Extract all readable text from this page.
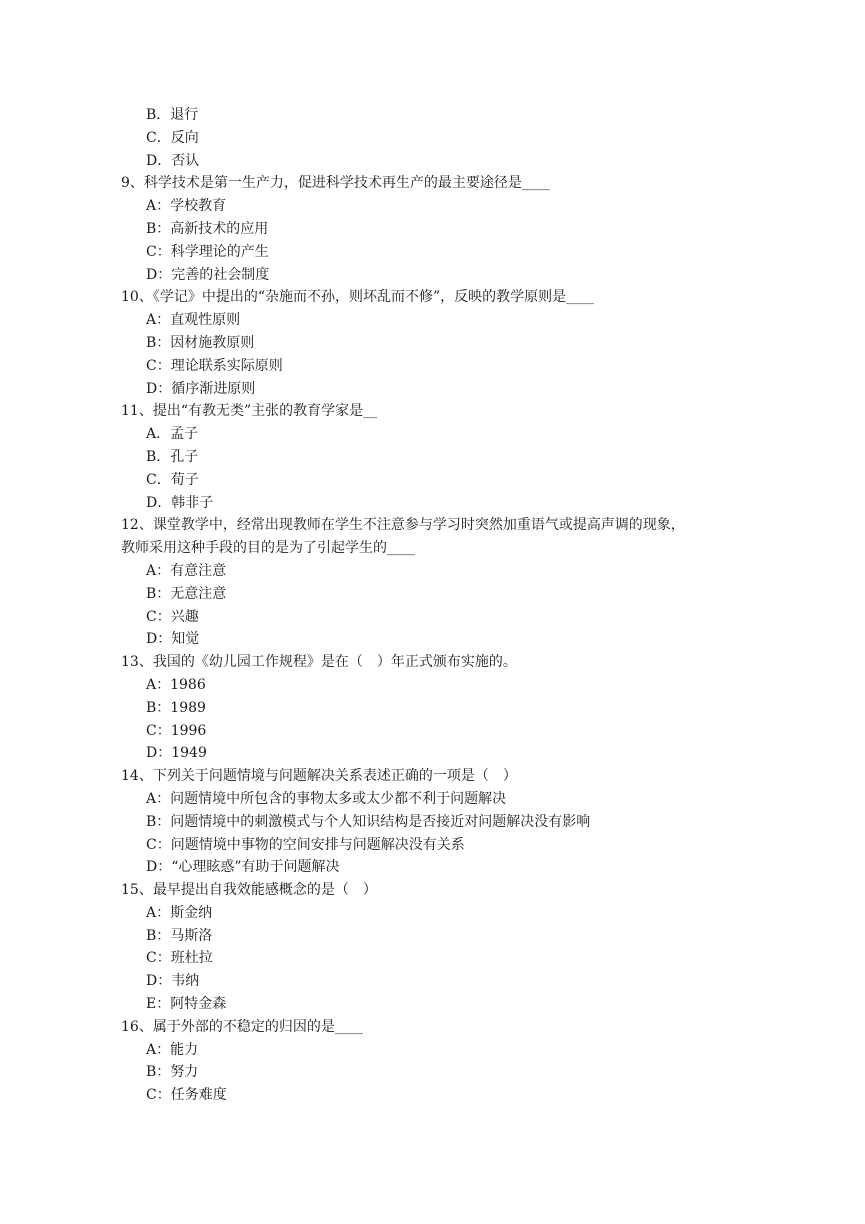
B．退行
C．反向
D．否认
9、科学技术是第一生产力，促进科学技术再生产的最主要途径是____
A：学校教育
B：高新技术的应用
C：科学理论的产生
D：完善的社会制度
10、《学记》中提出的“杂施而不孙，则坏乱而不修”，反映的教学原则是____
A：直观性原则
B：因材施教原则
C：理论联系实际原则
D：循序渐进原则
11、提出“有教无类”主张的教育学家是__
A．孟子
B．孔子
C．荀子
D．韩非子
12、课堂教学中，经常出现教师在学生不注意参与学习时突然加重语气或提高声调的现象，
教师采用这种手段的目的是为了引起学生的____
A：有意注意
B：无意注意
C：兴趣
D：知觉
13、我国的《幼儿园工作规程》是在（　）年正式颁布实施的。
A：1986
B：1989
C：1996
D：1949
14、下列关于问题情境与问题解决关系表述正确的一项是（　）
A：问题情境中所包含的事物太多或太少都不利于问题解决
B：问题情境中的刺激模式与个人知识结构是否接近对问题解决没有影响
C：问题情境中事物的空间安排与问题解决没有关系
D：“心理眩惑”有助于问题解决
15、最早提出自我效能感概念的是（　）
A：斯金纳
B：马斯洛
C：班杜拉
D：韦纳
E：阿特金森
16、属于外部的不稳定的归因的是____
A：能力
B：努力
C：任务难度
